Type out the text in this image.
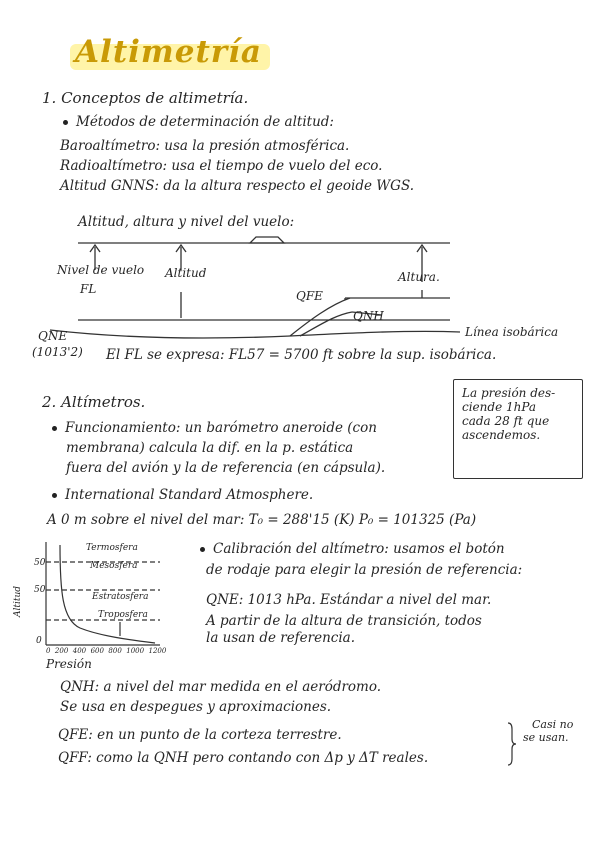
Altimetría
1. Conceptos de altimetría.
Métodos de determinación de altitud:
Baroaltímetro: usa la presión atmosférica.
Radioaltímetro: usa el tiempo de vuelo del eco.
Altitud GNNS: da la altura respecto el geoide WGS.
Altitud, altura y nivel del vuelo:
Nivel de vuelo
FL
Altitud	Altura.
QFE
QNH
QNE
(1013'2)
Línea isobárica
El FL se expresa: FL57 = 5700 ft sobre la sup. isobárica.
2. Altímetros.
Funcionamiento: un barómetro aneroide (con
membrana) calcula la dif. en la p. estática
fuera del avión y la de referencia (en cápsula).
La presión des-
ciende 1hPa
cada 28 ft que
ascendemos.
International Standard Atmosphere.
A 0 m sobre el nivel del mar: T₀ = 288'15 (K) P₀ = 101325 (Pa)
Termosfera
Mesosfera
Estratosfera
Troposfera
Altitud
50
50
0
0 200 400 600 800 1000 1200
Presión
Calibración del altímetro: usamos el botón
de rodaje para elegir la presión de referencia:
QNE: 1013 hPa. Estándar a nivel del mar.
A partir de la altura de transición, todos
la usan de referencia.
QNH: a nivel del mar medida en el aeródromo.
Se usa en despegues y aproximaciones.
QFE: en un punto de la corteza terrestre.
QFF: como la QNH pero contando con Δp y ΔT reales.
Casi no
se usan.
